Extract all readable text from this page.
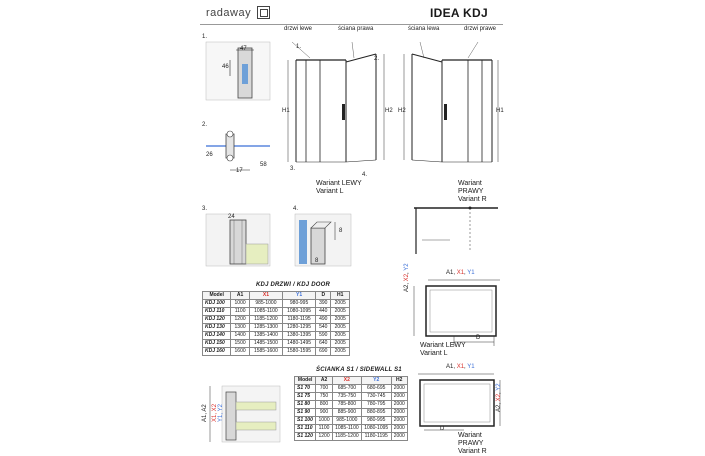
radaway	IDEA KDJ
1.
47
46
2.
26
17
58
3.
24
4.
8
8
drzwi lewe	ściana prawa
H1	H2
1.
2.
3.
4.
Wariant LEWY
Variant L
ściana lewa	drzwi prawe
H2	H1
Wariant PRAWY
Variant R
A1, X1, Y1
A2, X2, Y2
D
Wariant LEWY
Variant L
A1, X1, Y1
A2, X2, Y2
D
Wariant PRAWY
Variant R
A1, A2
X1, X2
Y1, Y2
KDJ DRZWI / KDJ DOOR
Model	A1	X1	Y1	D	H1
KDJ 100	1000	985-1000	980-995	390	2005
KDJ 110	1100	1085-1100	1080-1095	440	2005
KDJ 120	1200	1185-1200	1180-1195	490	2005
KDJ 130	1300	1285-1300	1280-1295	540	2005
KDJ 140	1400	1385-1400	1380-1395	590	2005
KDJ 150	1500	1485-1500	1480-1495	640	2005
KDJ 160	1600	1585-1600	1580-1595	690	2005
ŚCIANKA S1 / SIDEWALL S1
Model	A2	X2	Y2	H2
S1 70	700	685-700	680-695	2000
S1 75	750	735-750	730-745	2000
S1 80	800	785-800	780-795	2000
S1 90	900	885-900	880-895	2000
S1 100	1000	985-1000	980-995	2000
S1 110	1100	1085-1100	1080-1095	2000
S1 120	1200	1185-1200	1180-1195	2000
